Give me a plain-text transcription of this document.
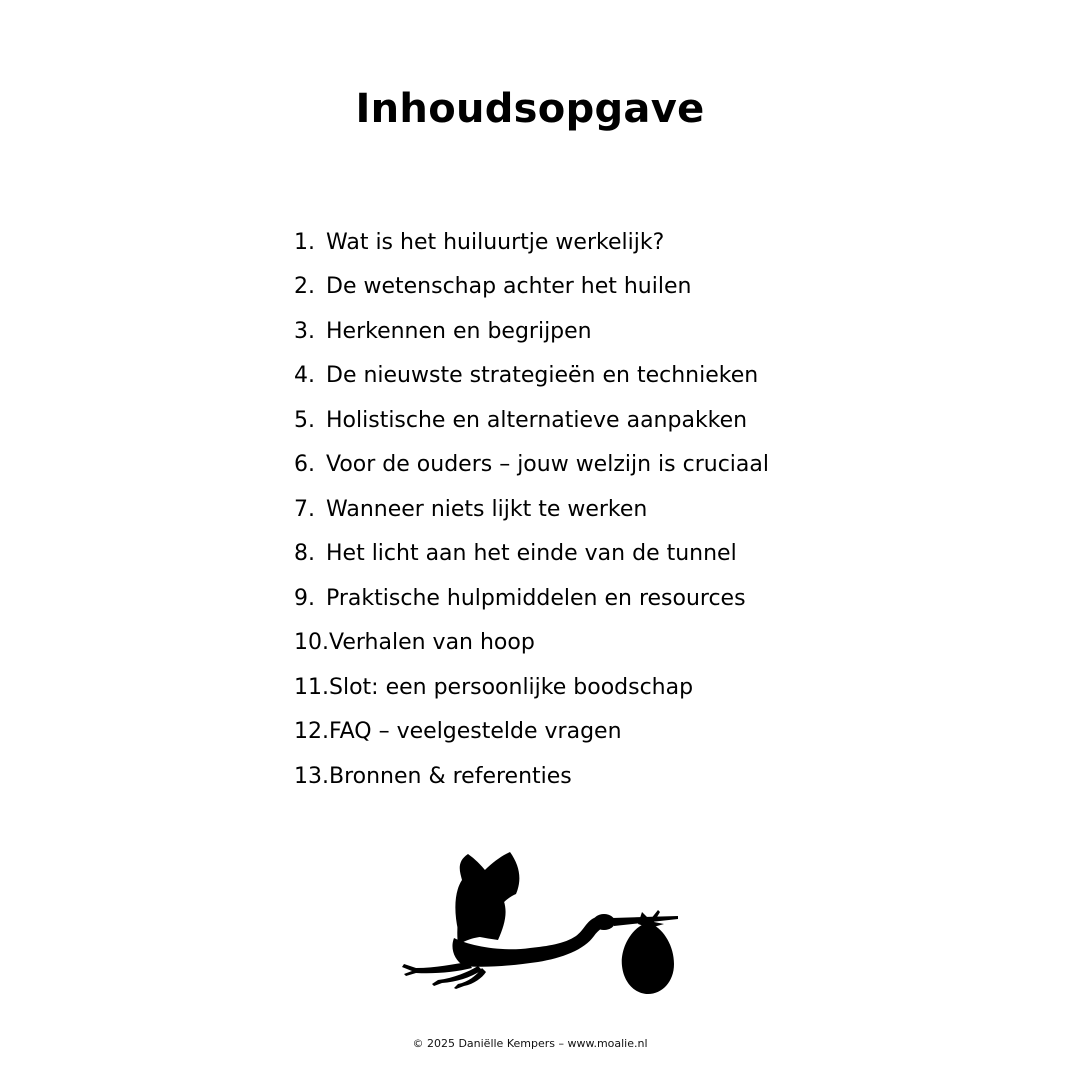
Inhoudsopgave
1. Wat is het huiluurtje werkelijk?
2. De wetenschap achter het huilen
3. Herkennen en begrijpen
4. De nieuwste strategieën en technieken
5. Holistische en alternatieve aanpakken
6. Voor de ouders – jouw welzijn is cruciaal
7. Wanneer niets lijkt te werken
8. Het licht aan het einde van de tunnel
9. Praktische hulpmiddelen en resources
10. Verhalen van hoop
11. Slot: een persoonlijke boodschap
12. FAQ – veelgestelde vragen
13. Bronnen & referenties
© 2025 Daniëlle Kempers – www.moalie.nl
